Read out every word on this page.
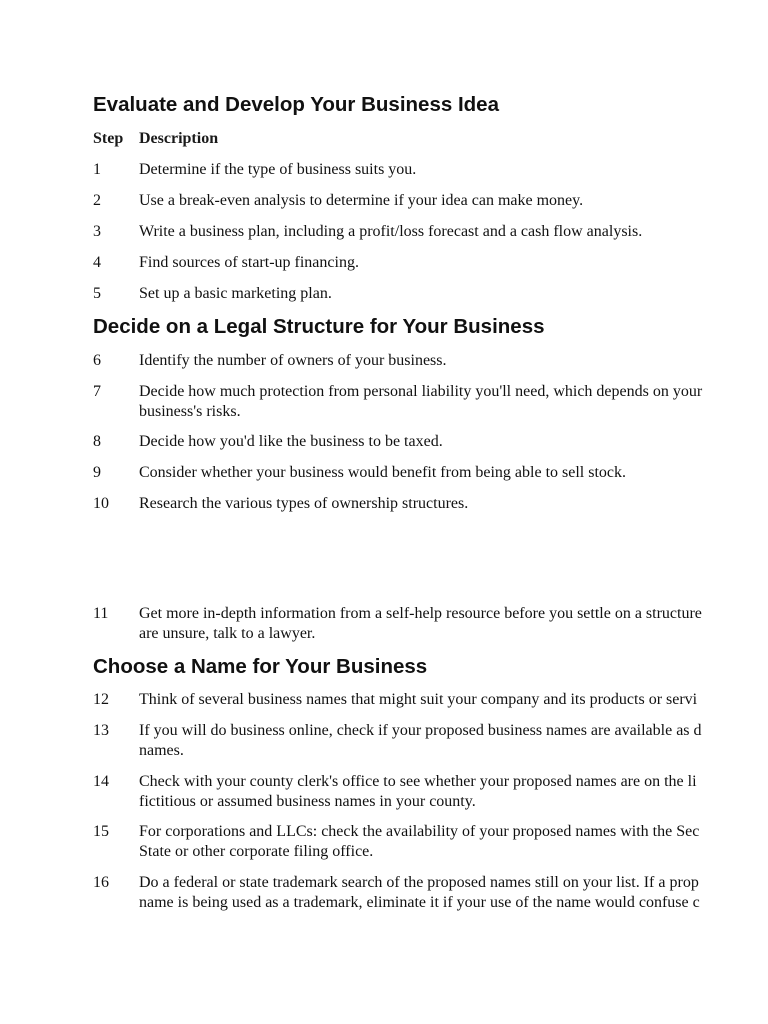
Evaluate and Develop Your Business Idea
Step Description
1 Determine if the type of business suits you.
2 Use a break-even analysis to determine if your idea can make money.
3 Write a business plan, including a profit/loss forecast and a cash flow analysis.
4 Find sources of start-up financing.
5 Set up a basic marketing plan.
Decide on a Legal Structure for Your Business
6 Identify the number of owners of your business.
7 Decide how much protection from personal liability you'll need, which depends on your
business's risks.
8 Decide how you'd like the business to be taxed.
9 Consider whether your business would benefit from being able to sell stock.
10 Research the various types of ownership structures.
11 Get more in-depth information from a self-help resource before you settle on a structure
are unsure, talk to a lawyer.
Choose a Name for Your Business
12 Think of several business names that might suit your company and its products or servi
13 If you will do business online, check if your proposed business names are available as d
names.
14 Check with your county clerk's office to see whether your proposed names are on the li
fictitious or assumed business names in your county.
15 For corporations and LLCs: check the availability of your proposed names with the Sec
State or other corporate filing office.
16 Do a federal or state trademark search of the proposed names still on your list. If a prop
name is being used as a trademark, eliminate it if your use of the name would confuse c
